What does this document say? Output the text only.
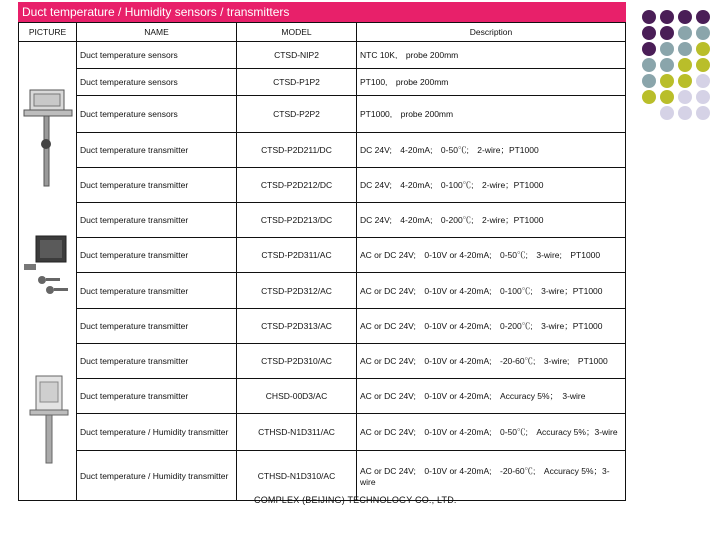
Duct temperature / Humidity sensors / transmitters
PICTURE	NAME	MODEL	Description

	Duct temperature sensors	CTSD-NIP2	NTC 10K,　probe 200mm
	Duct temperature sensors	CTSD-P1P2	PT100,　probe 200mm
	Duct temperature sensors	CTSD-P2P2	PT1000,　probe 200mm
	Duct temperature transmitter	CTSD-P2D211/DC	DC 24V;　4-20mA;　0-50℃;　2-wire；PT1000
	Duct temperature transmitter	CTSD-P2D212/DC	DC 24V;　4-20mA;　0-100℃;　2-wire；PT1000
	Duct temperature transmitter	CTSD-P2D213/DC	DC 24V;　4-20mA;　0-200℃;　2-wire；PT1000
	Duct temperature transmitter	CTSD-P2D311/AC	AC or DC 24V;　0-10V or 4-20mA;　0-50℃;　3-wire;　PT1000
	Duct temperature transmitter	CTSD-P2D312/AC	AC or DC 24V;　0-10V or 4-20mA;　0-100℃;　3-wire；PT1000
	Duct temperature transmitter	CTSD-P2D313/AC	AC or DC 24V;　0-10V or 4-20mA;　0-200℃;　3-wire；PT1000
	Duct temperature transmitter	CTSD-P2D310/AC	AC or DC 24V;　0-10V or 4-20mA;　-20-60℃;　3-wire;　PT1000
	Duct temperature transmitter	CHSD-00D3/AC	AC or DC 24V;　0-10V or 4-20mA;　Accuracy 5%；　3-wire
	Duct temperature / Humidity transmitter	CTHSD-N1D311/AC	AC or DC 24V;　0-10V or 4-20mA;　0-50℃;　Accuracy 5%；3-wire
	Duct temperature / Humidity transmitter	CTHSD-N1D310/AC	AC or DC 24V;　0-10V or 4-20mA;　-20-60℃;　Accuracy 5%；3-wire
COMPLEX (BEIJING) TECHNOLOGY CO., LTD.
